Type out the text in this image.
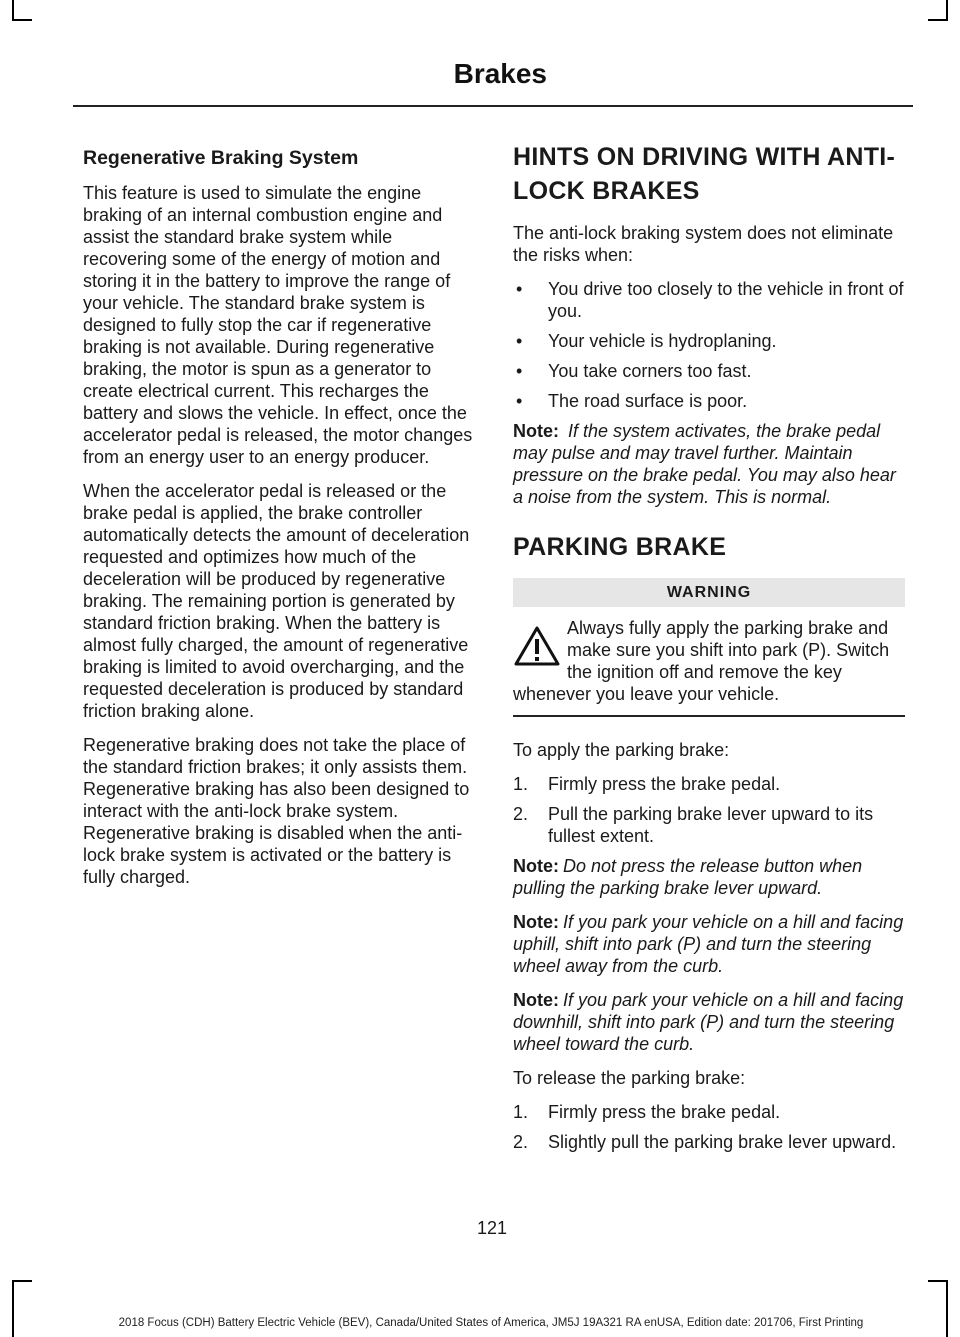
Brakes
Regenerative Braking System

This feature is used to simulate the engine braking of an internal combustion engine and assist the standard brake system while recovering some of the energy of motion and storing it in the battery to improve the range of your vehicle. The standard brake system is designed to fully stop the car if regenerative braking is not available. During regenerative braking, the motor is spun as a generator to create electrical current. This recharges the battery and slows the vehicle. In effect, once the accelerator pedal is released, the motor changes from an energy user to an energy producer.

When the accelerator pedal is released or the brake pedal is applied, the brake controller automatically detects the amount of deceleration requested and optimizes how much of the deceleration will be produced by regenerative braking. The remaining portion is generated by standard friction braking. When the battery is almost fully charged, the amount of regenerative braking is limited to avoid overcharging, and the requested deceleration is produced by standard friction braking alone.

Regenerative braking does not take the place of the standard friction brakes; it only assists them. Regenerative braking has also been designed to interact with the anti-lock brake system. Regenerative braking is disabled when the anti-lock brake system is activated or the battery is fully charged.

HINTS ON DRIVING WITH ANTI-LOCK BRAKES

The anti-lock braking system does not eliminate the risks when:

• You drive too closely to the vehicle in front of you.
• Your vehicle is hydroplaning.
• You take corners too fast.
• The road surface is poor.

Note: If the system activates, the brake pedal may pulse and may travel further. Maintain pressure on the brake pedal. You may also hear a noise from the system. This is normal.

PARKING BRAKE
WARNING
Always fully apply the parking brake and make sure you shift into park (P). Switch the ignition off and remove the key whenever you leave your vehicle.

To apply the parking brake:

1. Firmly press the brake pedal.
2. Pull the parking brake lever upward to its fullest extent.

Note: Do not press the release button when pulling the parking brake lever upward.

Note: If you park your vehicle on a hill and facing uphill, shift into park (P) and turn the steering wheel away from the curb.

Note: If you park your vehicle on a hill and facing downhill, shift into park (P) and turn the steering wheel toward the curb.

To release the parking brake:

1. Firmly press the brake pedal.
2. Slightly pull the parking brake lever upward.
121
2018 Focus (CDH) Battery Electric Vehicle (BEV), Canada/United States of America, JM5J 19A321 RA enUSA, Edition date: 201706, First Printing
